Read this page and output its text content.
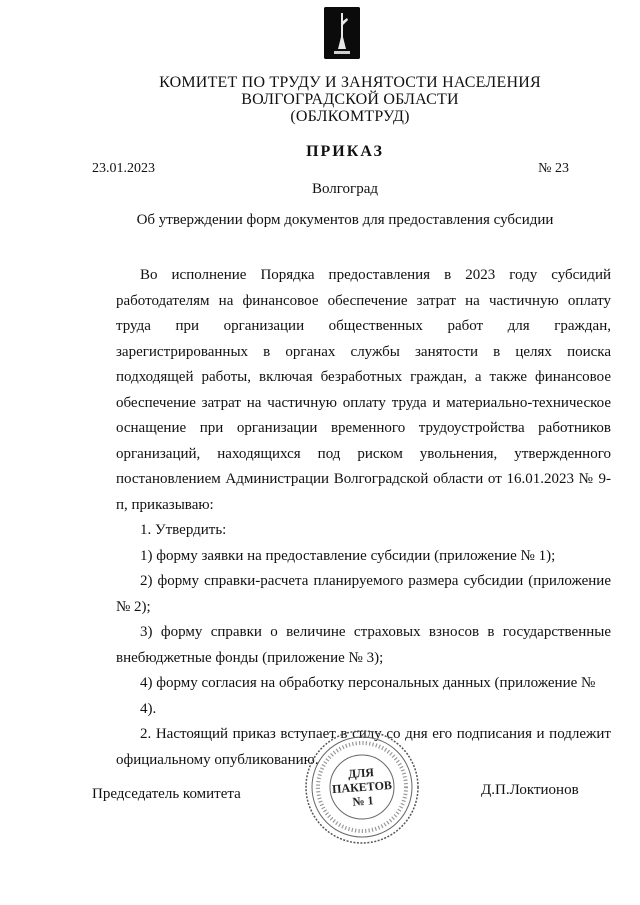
КОМИТЕТ ПО ТРУДУ И ЗАНЯТОСТИ НАСЕЛЕНИЯ
ВОЛГОГРАДСКОЙ ОБЛАСТИ
(ОБЛКОМТРУД)
ПРИКАЗ
23.01.2023	№ 23
Волгоград
Об утверждении форм документов для предоставления субсидии

Во исполнение Порядка предоставления в 2023 году субсидий работодателям на финансовое обеспечение затрат на частичную оплату труда при организации общественных работ для граждан, зарегистрированных в органах службы занятости в целях поиска подходящей работы, включая безработных граждан, а также финансовое обеспечение затрат на частичную оплату труда и материально-техническое оснащение при организации временного трудоустройства работников организаций, находящихся под риском увольнения, утвержденного постановлением Администрации Волгоградской области от 16.01.2023 № 9-п, приказываю:

1. Утвердить:

1) форму заявки на предоставление субсидии (приложение № 1);

2) форму справки-расчета планируемого размера субсидии (приложение № 2);

3) форму справки о величине страховых взносов в государственные внебюджетные фонды (приложение № 3);

4) форму согласия на обработку персональных данных (приложение № 4).

2. Настоящий приказ вступает в силу со дня его подписания и подлежит официальному опубликованию.

Председатель комитета
ДЛЯ
ПАКЕТОВ
№ 1
Д.П.Локтионов
